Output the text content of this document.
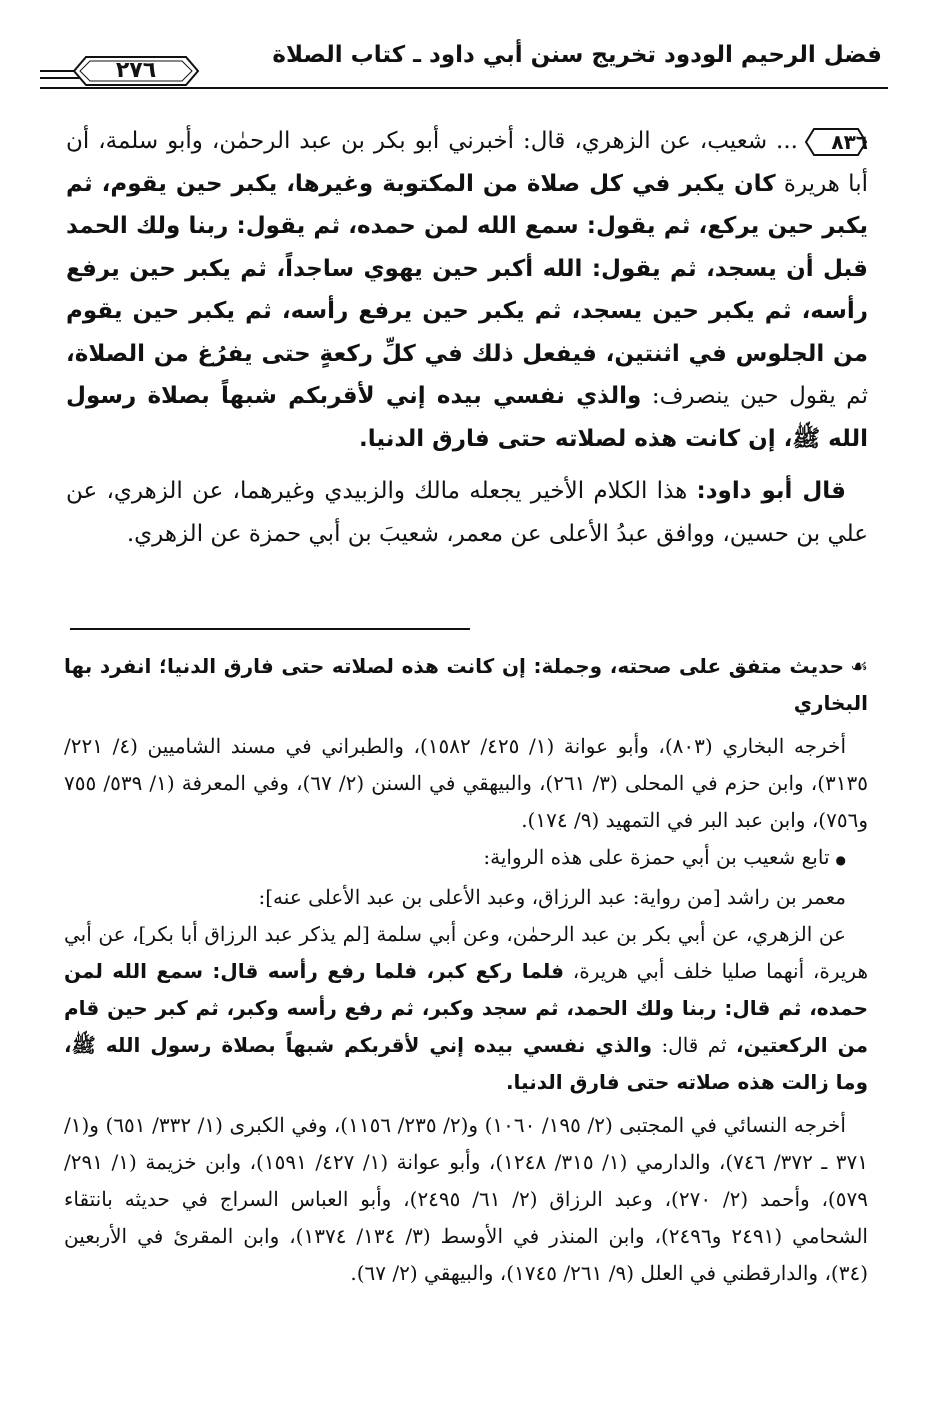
فضل الرحيم الودود تخريج سنن أبي داود ـ كتاب الصلاة
٢٧٦
٨٣٦
... شعيب، عن الزهري، قال: أخبرني أبو بكر بن عبد الرحمٰن، وأبو سلمة، أن أبا هريرة كان يكبر في كل صلاة من المكتوبة وغيرها، يكبر حين يقوم، ثم يكبر حين يركع، ثم يقول: سمع الله لمن حمده، ثم يقول: ربنا ولك الحمد قبل أن يسجد، ثم يقول: الله أكبر حين يهوي ساجداً، ثم يكبر حين يرفع رأسه، ثم يكبر حين يسجد، ثم يكبر حين يرفع رأسه، ثم يكبر حين يقوم من الجلوس في اثنتين، فيفعل ذلك في كلِّ ركعةٍ حتى يفرُغ من الصلاة، ثم يقول حين ينصرف: والذي نفسي بيده إني لأقربكم شبهاً بصلاة رسول الله ﷺ، إن كانت هذه لصلاته حتى فارق الدنيا.
قال أبو داود: هذا الكلام الأخير يجعله مالك والزبيدي وغيرهما، عن الزهري، عن علي بن حسين، ووافق عبدُ الأعلى عن معمر، شعيبَ بن أبي حمزة عن الزهري.

☙حديث متفق على صحته، وجملة: إن كانت هذه لصلاته حتى فارق الدنيا؛ انفرد بها البخاري

أخرجه البخاري (٨٠٣)، وأبو عوانة (١/ ٤٢٥/ ١٥٨٢)، والطبراني في مسند الشاميين (٤/ ٢٢١/ ٣١٣٥)، وابن حزم في المحلى (٣/ ٢٦١)، والبيهقي في السنن (٢/ ٦٧)، وفي المعرفة (١/ ٥٣٩/ ٧٥٥ و٧٥٦)، وابن عبد البر في التمهيد (٩/ ١٧٤).

●تابع شعيب بن أبي حمزة على هذه الرواية:

معمر بن راشد [من رواية: عبد الرزاق، وعبد الأعلى بن عبد الأعلى عنه]:

عن الزهري، عن أبي بكر بن عبد الرحمٰن، وعن أبي سلمة [لم يذكر عبد الرزاق أبا بكر]، عن أبي هريرة، أنهما صليا خلف أبي هريرة، فلما ركع كبر، فلما رفع رأسه قال: سمع الله لمن حمده، ثم قال: ربنا ولك الحمد، ثم سجد وكبر، ثم رفع رأسه وكبر، ثم كبر حين قام من الركعتين، ثم قال: والذي نفسي بيده إني لأقربكم شبهاً بصلاة رسول الله ﷺ، وما زالت هذه صلاته حتى فارق الدنيا.

أخرجه النسائي في المجتبى (٢/ ١٩٥/ ١٠٦٠) و(٢/ ٢٣٥/ ١١٥٦)، وفي الكبرى (١/ ٣٣٢/ ٦٥١) و(١/ ٣٧١ ـ ٣٧٢/ ٧٤٦)، والدارمي (١/ ٣١٥/ ١٢٤٨)، وأبو عوانة (١/ ٤٢٧/ ١٥٩١)، وابن خزيمة (١/ ٢٩١/ ٥٧٩)، وأحمد (٢/ ٢٧٠)، وعبد الرزاق (٢/ ٦١/ ٢٤٩٥)، وأبو العباس السراج في حديثه بانتقاء الشحامي (٢٤٩١ و٢٤٩٦)، وابن المنذر في الأوسط (٣/ ١٣٤/ ١٣٧٤)، وابن المقرئ في الأربعين (٣٤)، والدارقطني في العلل (٩/ ٢٦١/ ١٧٤٥)، والبيهقي (٢/ ٦٧).
